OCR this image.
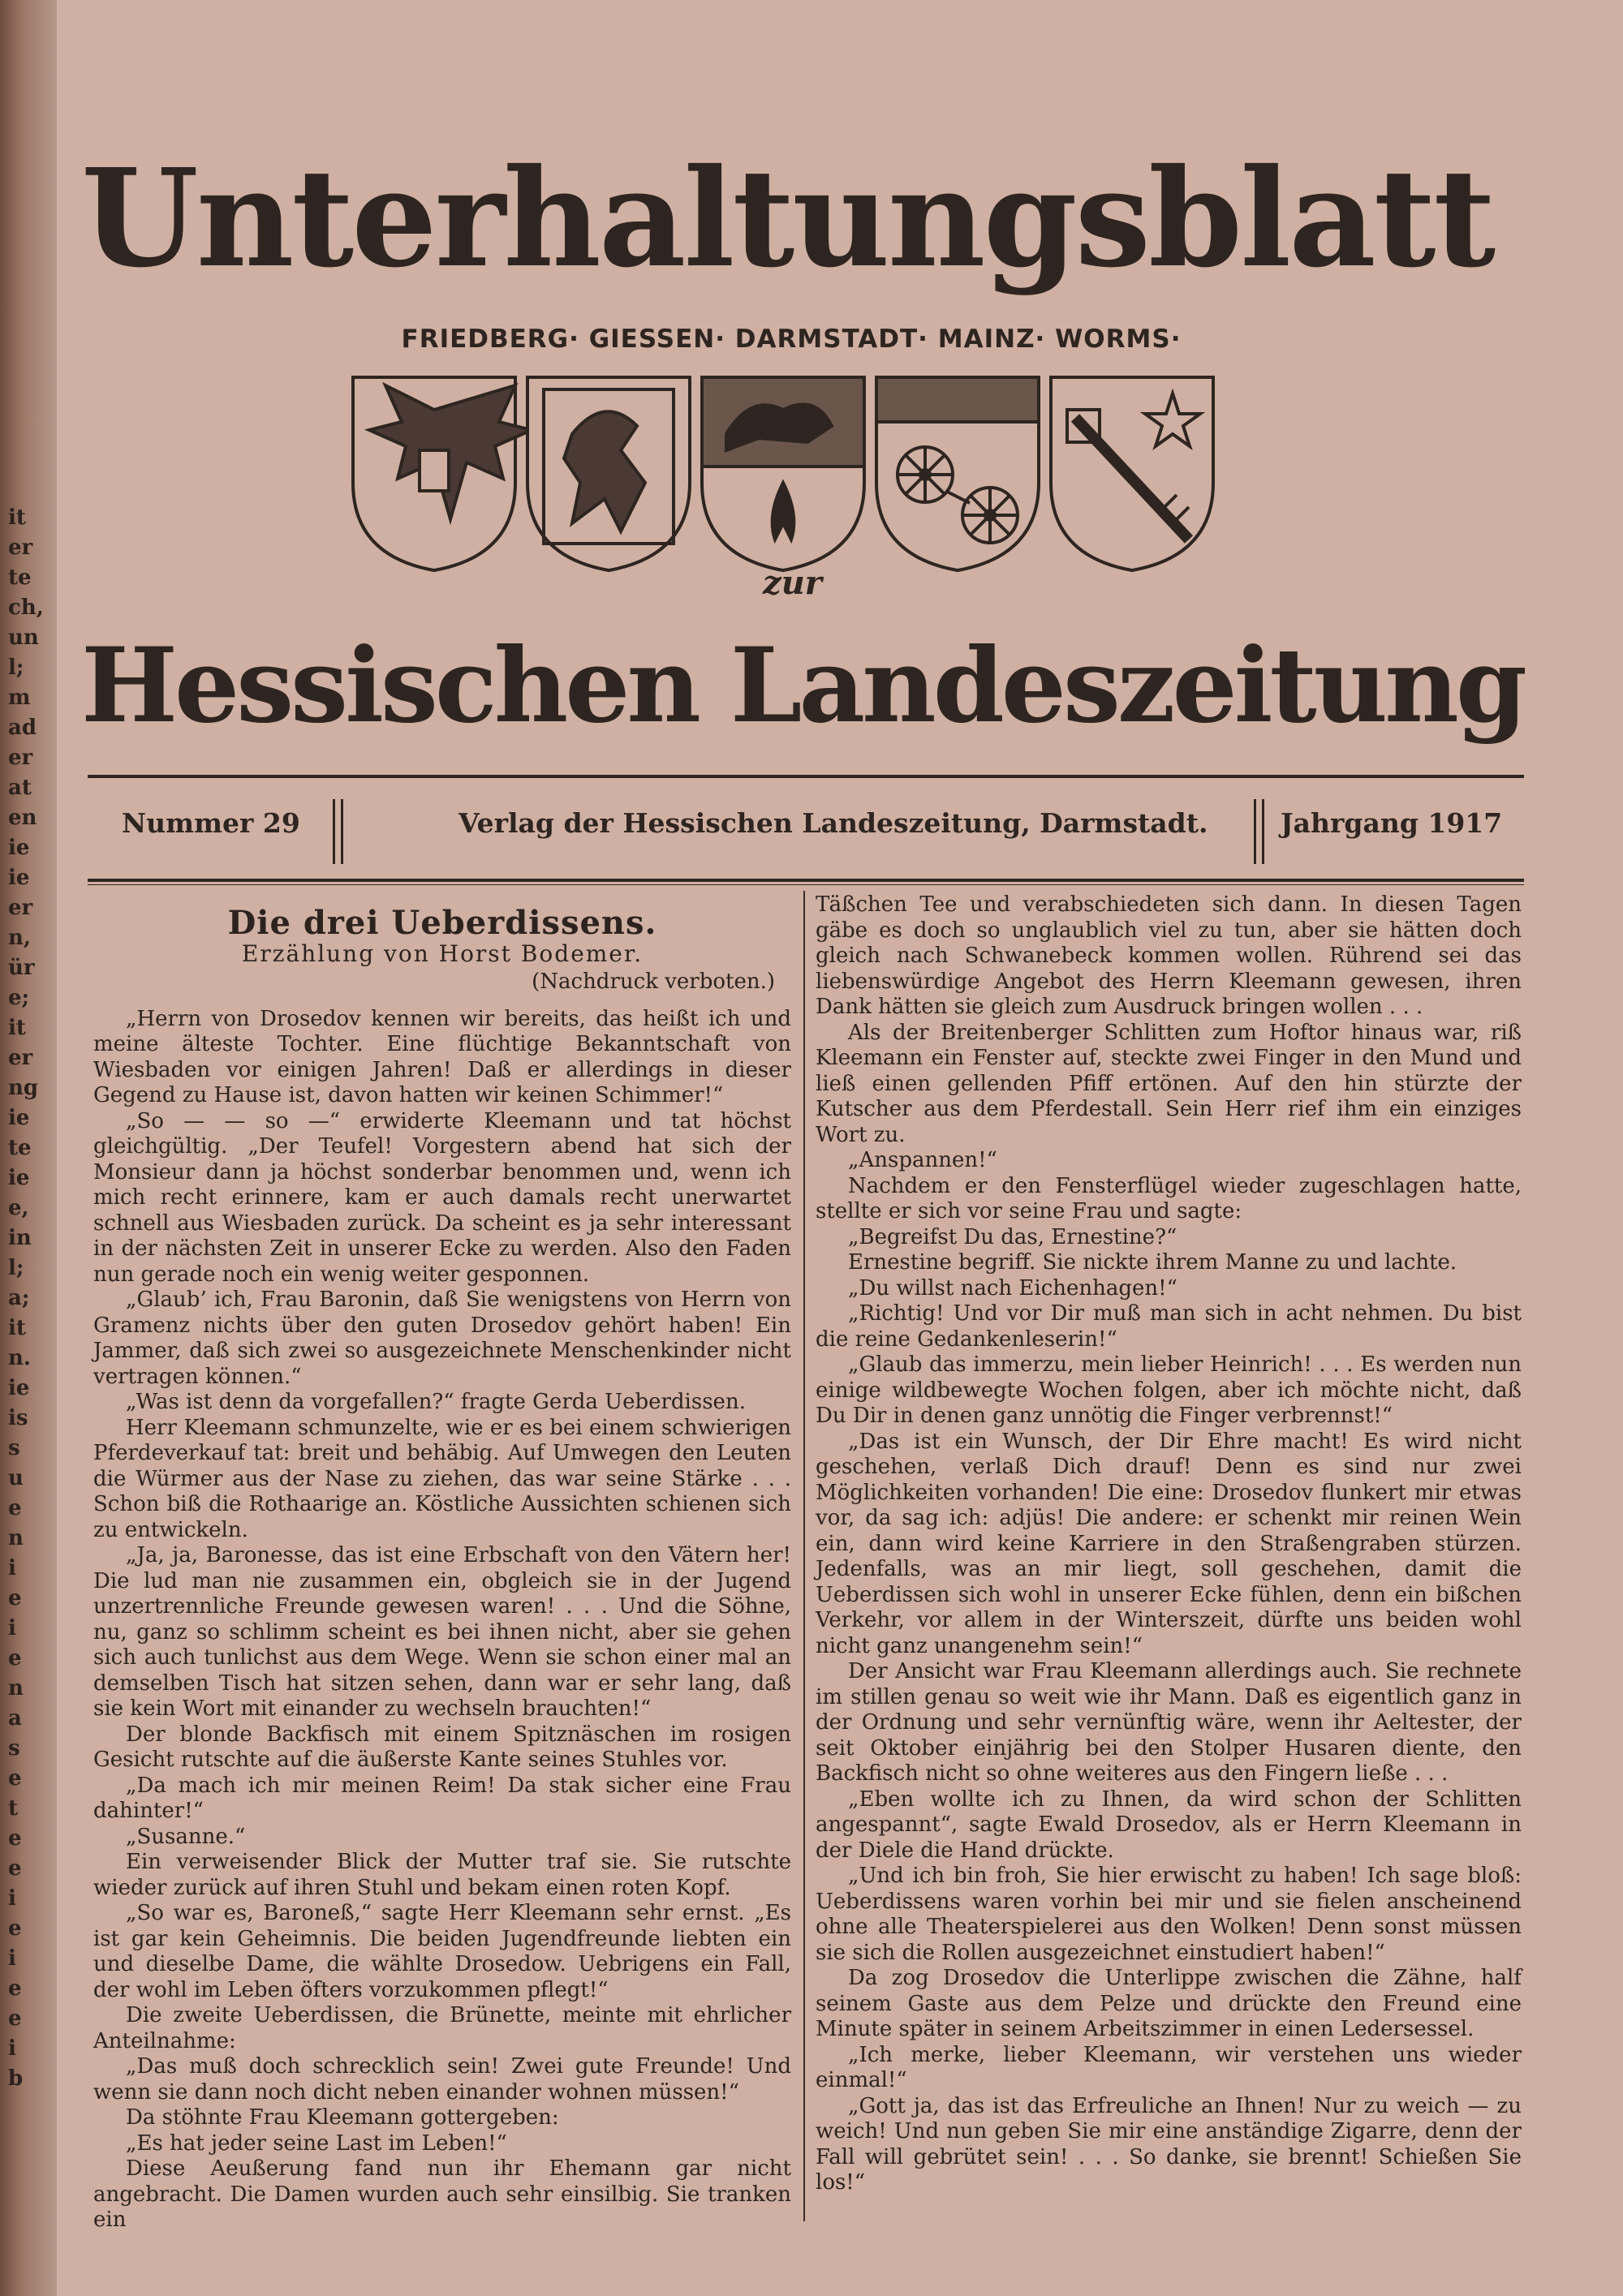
it
er
te
ch,
un
l;
m
ad
er
at
en
ie
ie
er
n,
ür
e;
it
er
ng
ie
te
ie
e,
in
l;
a;
it
n.
ie
is
s
u
e
n
i
e
i
e
n
a
s
e
t
e
e
i
e
i
e
e
i
b
Unterhaltungsblatt
FRIEDBERG· GIESSEN· DARMSTADT· MAINZ· WORMS·
zur
Hessischen Landeszeitung
Nummer 29	Verlag der Hessischen Landeszeitung, Darmstadt.	Jahrgang 1917

Die drei Ueberdissens.

Erzählung von Horst Bodemer.

(Nachdruck verboten.)

„Herrn von Drosedov kennen wir bereits, das heißt ich und meine älteste Tochter. Eine flüchtige Bekanntschaft von Wiesbaden vor einigen Jahren! Daß er allerdings in dieser Gegend zu Hause ist, davon hatten wir keinen Schimmer!“

„So — — so —“ erwiderte Kleemann und tat höchst gleichgültig. „Der Teufel! Vorgestern abend hat sich der Monsieur dann ja höchst sonderbar benommen und, wenn ich mich recht erinnere, kam er auch damals recht unerwartet schnell aus Wiesbaden zurück. Da scheint es ja sehr interessant in der nächsten Zeit in unserer Ecke zu werden. Also den Faden nun gerade noch ein wenig weiter gesponnen.

„Glaub’ ich, Frau Baronin, daß Sie wenigstens von Herrn von Gramenz nichts über den guten Drosedov gehört haben! Ein Jammer, daß sich zwei so ausgezeichnete Menschenkinder nicht vertragen können.“

„Was ist denn da vorgefallen?“ fragte Gerda Ueberdissen.

Herr Kleemann schmunzelte, wie er es bei einem schwierigen Pferdeverkauf tat: breit und behäbig. Auf Umwegen den Leuten die Würmer aus der Nase zu ziehen, das war seine Stärke . . . Schon biß die Rothaarige an. Köstliche Aussichten schienen sich zu entwickeln.

„Ja, ja, Baronesse, das ist eine Erbschaft von den Vätern her! Die lud man nie zusammen ein, obgleich sie in der Jugend unzertrennliche Freunde gewesen waren! . . . Und die Söhne, nu, ganz so schlimm scheint es bei ihnen nicht, aber sie gehen sich auch tunlichst aus dem Wege. Wenn sie schon einer mal an demselben Tisch hat sitzen sehen, dann war er sehr lang, daß sie kein Wort mit einander zu wechseln brauchten!“

Der blonde Backfisch mit einem Spitznäschen im rosigen Gesicht rutschte auf die äußerste Kante seines Stuhles vor.

„Da mach ich mir meinen Reim! Da stak sicher eine Frau dahinter!“

„Susanne.“

Ein verweisender Blick der Mutter traf sie. Sie rutschte wieder zurück auf ihren Stuhl und bekam einen roten Kopf.

„So war es, Baroneß,“ sagte Herr Kleemann sehr ernst. „Es ist gar kein Geheimnis. Die beiden Jugendfreunde liebten ein und dieselbe Dame, die wählte Drosedow. Uebrigens ein Fall, der wohl im Leben öfters vorzukommen pflegt!“

Die zweite Ueberdissen, die Brünette, meinte mit ehrlicher Anteilnahme:

„Das muß doch schrecklich sein! Zwei gute Freunde! Und wenn sie dann noch dicht neben einander wohnen müssen!“

Da stöhnte Frau Kleemann gottergeben:

„Es hat jeder seine Last im Leben!“

Diese Aeußerung fand nun ihr Ehemann gar nicht angebracht. Die Damen wurden auch sehr einsilbig. Sie tranken ein

Täßchen Tee und verabschiedeten sich dann. In diesen Tagen gäbe es doch so unglaublich viel zu tun, aber sie hätten doch gleich nach Schwanebeck kommen wollen. Rührend sei das liebenswürdige Angebot des Herrn Kleemann gewesen, ihren Dank hätten sie gleich zum Ausdruck bringen wollen . . .

Als der Breitenberger Schlitten zum Hoftor hinaus war, riß Kleemann ein Fenster auf, steckte zwei Finger in den Mund und ließ einen gellenden Pfiff ertönen. Auf den hin stürzte der Kutscher aus dem Pferdestall. Sein Herr rief ihm ein einziges Wort zu.

„Anspannen!“

Nachdem er den Fensterflügel wieder zugeschlagen hatte, stellte er sich vor seine Frau und sagte:

„Begreifst Du das, Ernestine?“

Ernestine begriff. Sie nickte ihrem Manne zu und lachte.

„Du willst nach Eichenhagen!“

„Richtig! Und vor Dir muß man sich in acht nehmen. Du bist die reine Gedankenleserin!“

„Glaub das immerzu, mein lieber Heinrich! . . . Es werden nun einige wildbewegte Wochen folgen, aber ich möchte nicht, daß Du Dir in denen ganz unnötig die Finger verbrennst!“

„Das ist ein Wunsch, der Dir Ehre macht! Es wird nicht geschehen, verlaß Dich drauf! Denn es sind nur zwei Möglichkeiten vorhanden! Die eine: Drosedov flunkert mir etwas vor, da sag ich: adjüs! Die andere: er schenkt mir reinen Wein ein, dann wird keine Karriere in den Straßengraben stürzen. Jedenfalls, was an mir liegt, soll geschehen, damit die Ueberdissen sich wohl in unserer Ecke fühlen, denn ein bißchen Verkehr, vor allem in der Winterszeit, dürfte uns beiden wohl nicht ganz unangenehm sein!“

Der Ansicht war Frau Kleemann allerdings auch. Sie rechnete im stillen genau so weit wie ihr Mann. Daß es eigentlich ganz in der Ordnung und sehr vernünftig wäre, wenn ihr Aeltester, der seit Oktober einjährig bei den Stolper Husaren diente, den Backfisch nicht so ohne weiteres aus den Fingern ließe . . .

„Eben wollte ich zu Ihnen, da wird schon der Schlitten angespannt“, sagte Ewald Drosedov, als er Herrn Kleemann in der Diele die Hand drückte.

„Und ich bin froh, Sie hier erwischt zu haben! Ich sage bloß: Ueberdissens waren vorhin bei mir und sie fielen anscheinend ohne alle Theaterspielerei aus den Wolken! Denn sonst müssen sie sich die Rollen ausgezeichnet einstudiert haben!“

Da zog Drosedov die Unterlippe zwischen die Zähne, half seinem Gaste aus dem Pelze und drückte den Freund eine Minute später in seinem Arbeitszimmer in einen Ledersessel.

„Ich merke, lieber Kleemann, wir verstehen uns wieder einmal!“

„Gott ja, das ist das Erfreuliche an Ihnen! Nur zu weich — zu weich! Und nun geben Sie mir eine anständige Zigarre, denn der Fall will gebrütet sein! . . . So danke, sie brennt! Schießen Sie los!“
